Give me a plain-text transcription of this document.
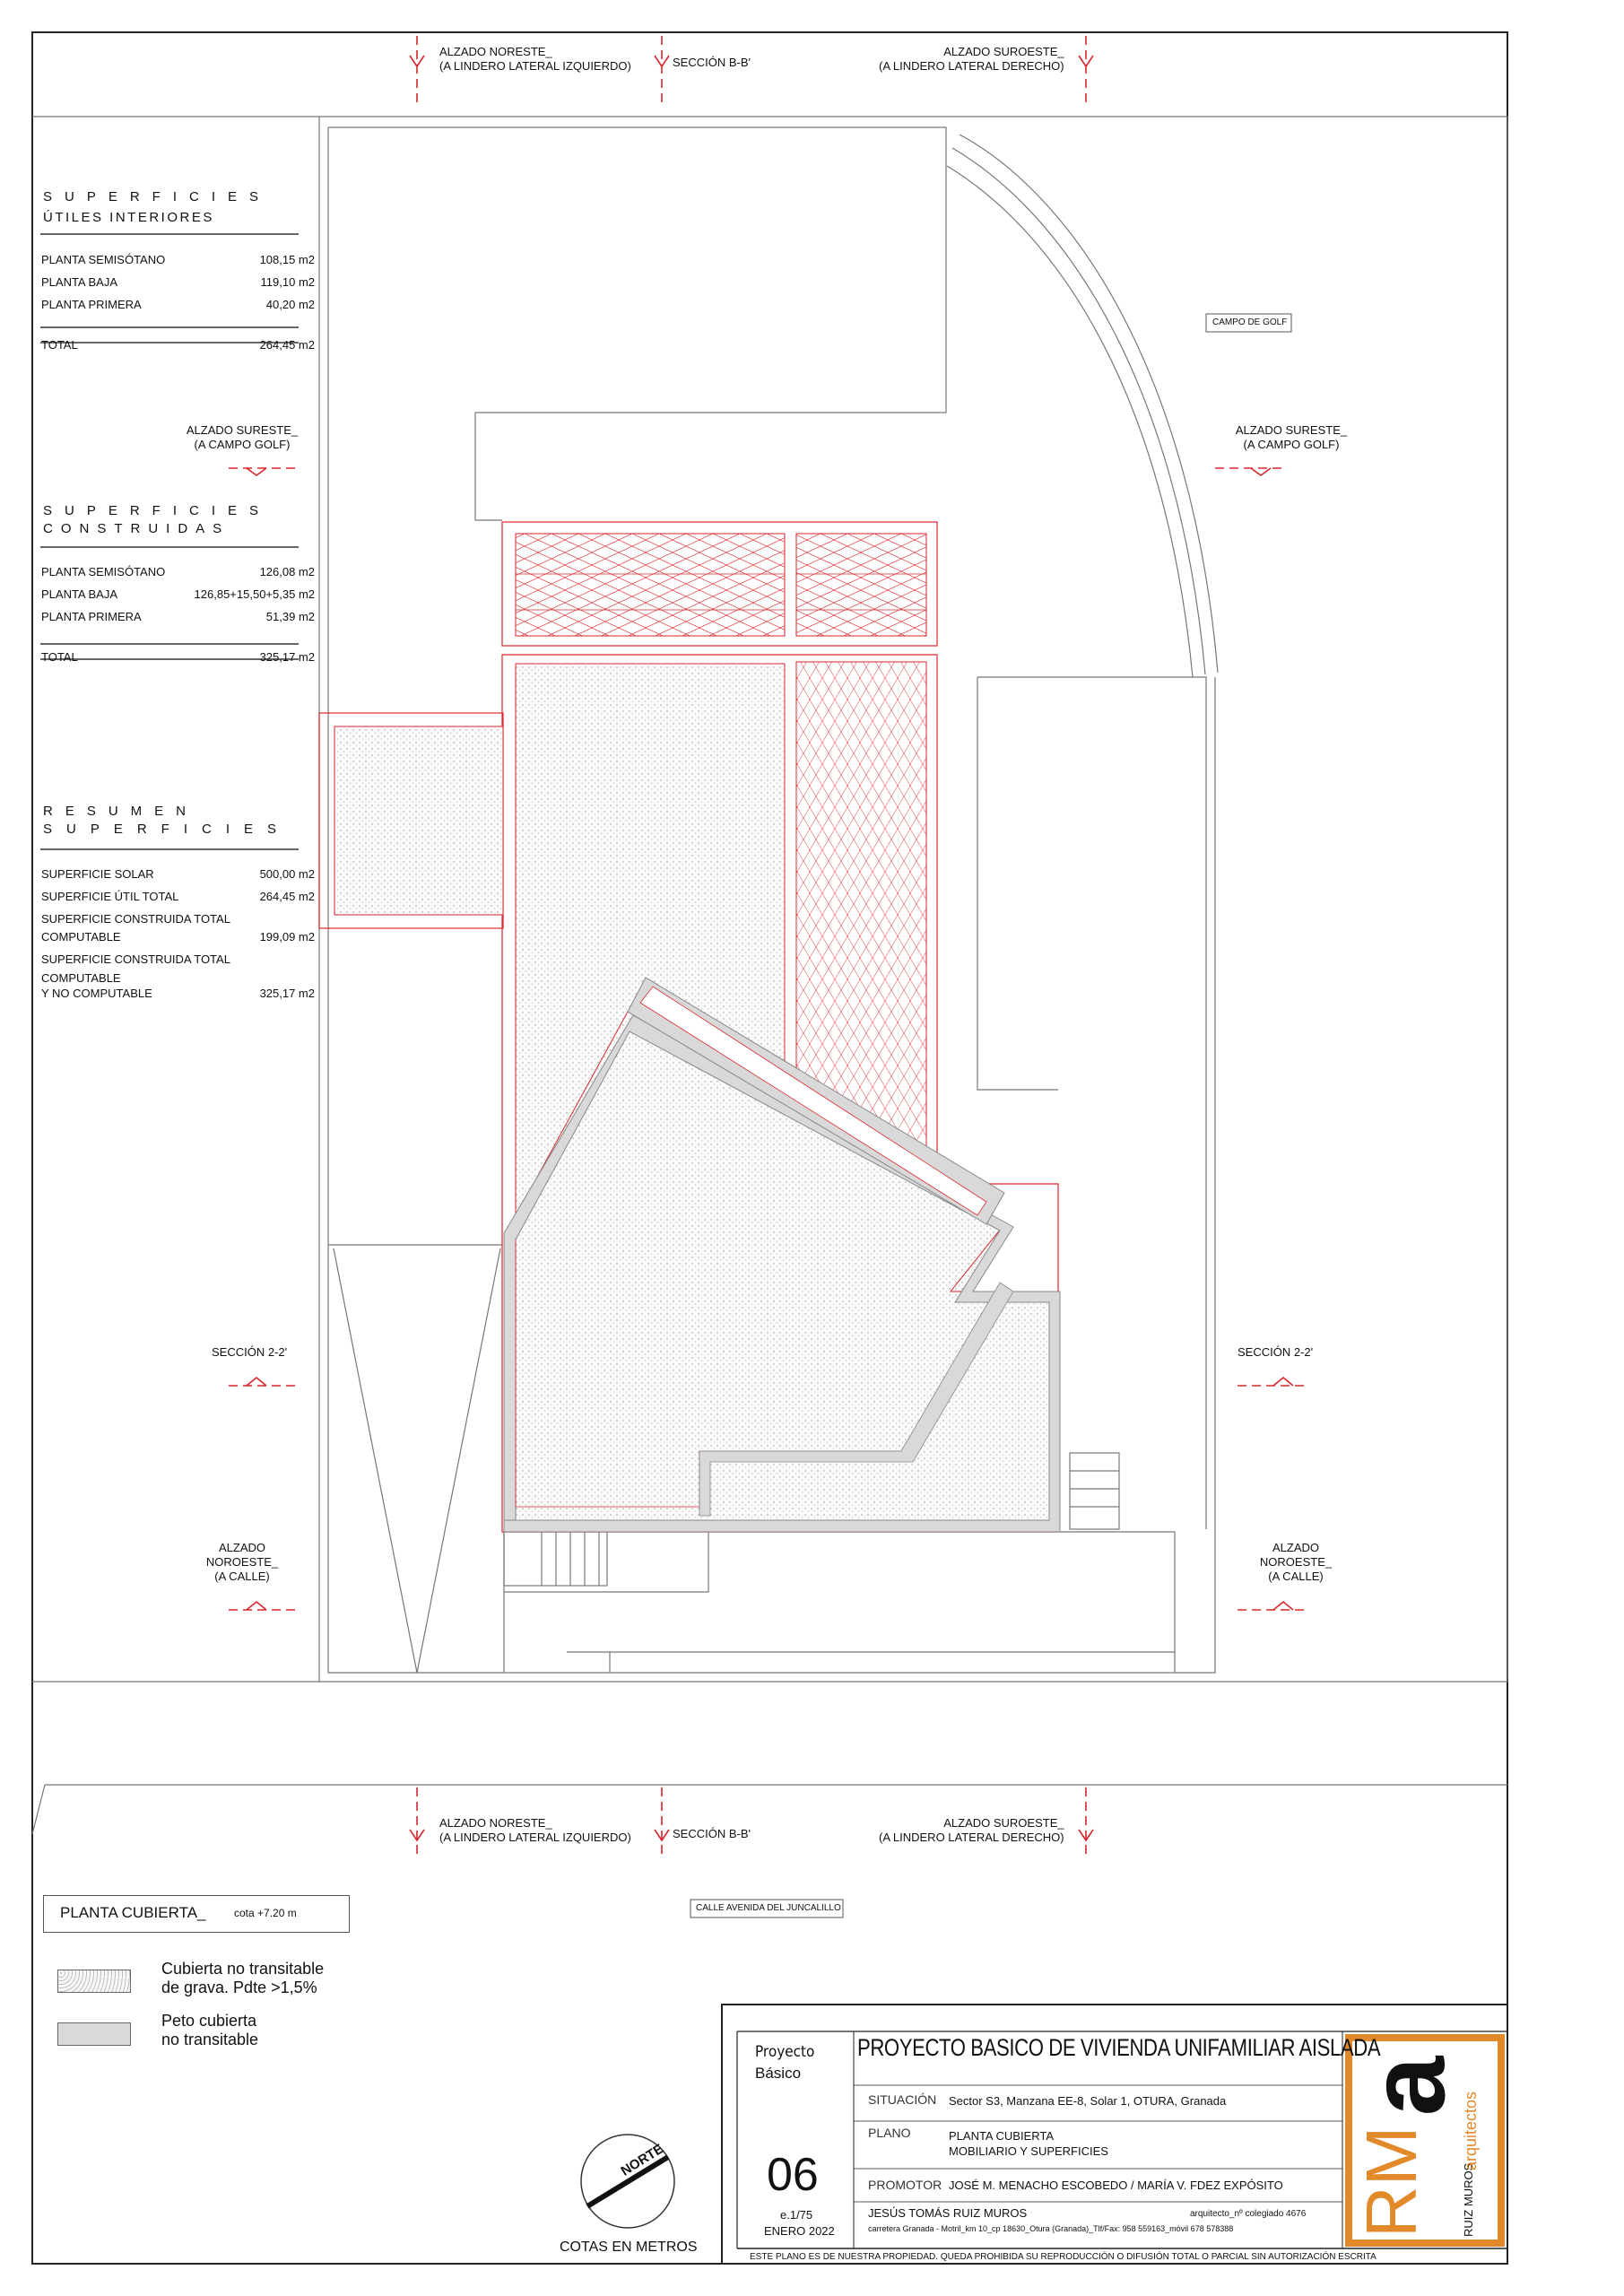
ALZADO NORESTE_
(A LINDERO LATERAL IZQUIERDO)	SECCIÓN B-B'
ALZADO SUROESTE_
(A LINDERO LATERAL DERECHO)
CAMPO DE GOLF
ALZADO SURESTE_
(A CAMPO GOLF)
ALZADO SURESTE_
(A CAMPO GOLF)
SECCIÓN 2-2'	SECCIÓN 2-2'
ALZADO
NOROESTE_
(A CALLE)
ALZADO
NOROESTE_
(A CALLE)
ALZADO NORESTE_
(A LINDERO LATERAL IZQUIERDO)	SECCIÓN B-B'
ALZADO SUROESTE_
(A LINDERO LATERAL DERECHO)
CALLE AVENIDA DEL JUNCALILLO
SUPERFICIES
ÚTILES INTERIORES
PLANTA SEMISÓTANO	108,15 m2
PLANTA BAJA	119,10 m2
PLANTA PRIMERA	40,20 m2
TOTAL	264,45 m2
SUPERFICIES
CONSTRUIDAS
PLANTA SEMISÓTANO	126,08 m2
PLANTA BAJA	126,85+15,50+5,35 m2
PLANTA PRIMERA	51,39 m2
TOTAL	325,17 m2
RESUMEN
SUPERFICIES
SUPERFICIE SOLAR	500,00 m2
SUPERFICIE ÚTIL TOTAL	264,45 m2
SUPERFICIE CONSTRUIDA TOTAL
COMPUTABLE	199,09 m2
SUPERFICIE CONSTRUIDA TOTAL
COMPUTABLE
Y NO COMPUTABLE	325,17 m2
PLANTA CUBIERTA_	cota +7.20 m
Cubierta no transitable
de grava. Pdte >1,5%
Peto cubierta
no transitable
NORTE
COTAS EN METROS
Proyecto
Básico
PROYECTO BASICO DE VIVIENDA UNIFAMILIAR AISLADA
SITUACIÓN Sector S3, Manzana EE-8, Solar 1, OTURA, Granada
PLANO	PLANTA CUBIERTA
MOBILIARIO Y SUPERFICIES
PROMOTOR JOSÉ M. MENACHO ESCOBEDO / MARÍA V. FDEZ EXPÓSITO
06
e.1/75
ENERO 2022
JESÚS TOMÁS RUIZ MUROS	arquitecto_nº colegiado 4676
carretera Granada - Motril_km 10_cp 18630_Otura (Granada)_Tlf/Fax: 958 559163_móvil 678 578388 RM
a
RUIZ MUROS
arquitectos
ESTE PLANO ES DE NUESTRA PROPIEDAD. QUEDA PROHIBIDA SU REPRODUCCIÓN O DIFUSIÓN TOTAL O PARCIAL SIN AUTORIZACIÓN ESCRITA
